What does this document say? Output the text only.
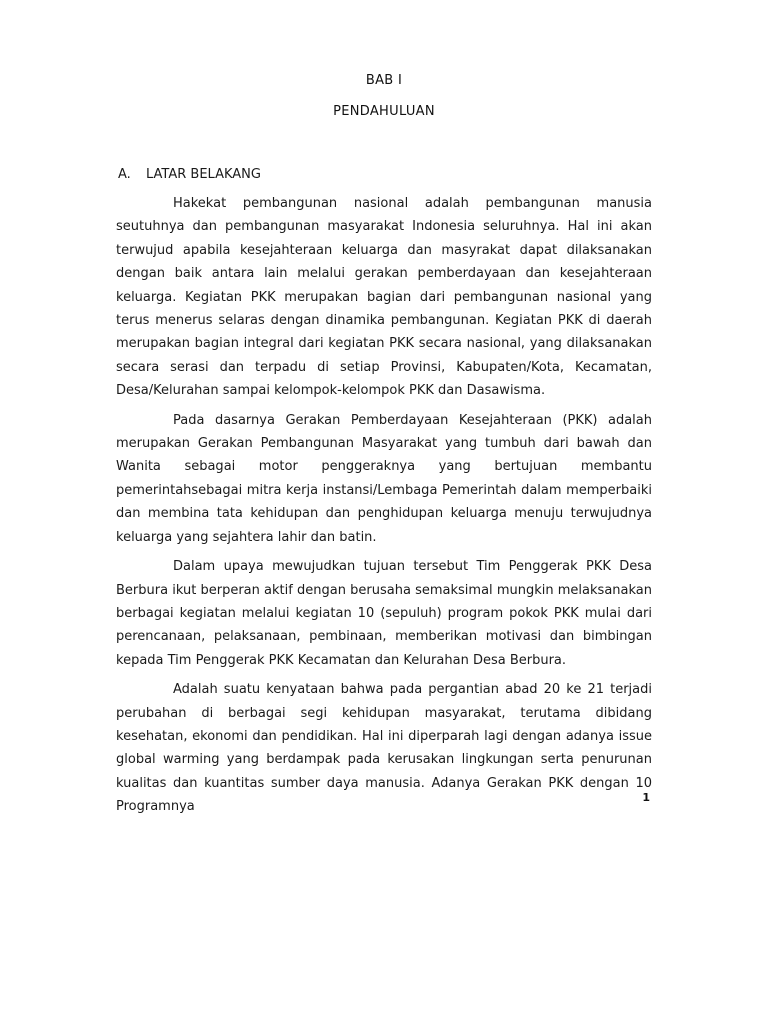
BAB I
PENDAHULUAN
A. LATAR BELAKANG

Hakekat pembangunan nasional adalah pembangunan manusia seutuhnya dan pembangunan masyarakat Indonesia seluruhnya. Hal ini akan terwujud apabila kesejahteraan keluarga dan masyrakat dapat dilaksanakan dengan baik antara lain melalui gerakan pemberdayaan dan kesejahteraan keluarga. Kegiatan PKK merupakan bagian dari pembangunan nasional yang terus menerus selaras dengan dinamika pembangunan. Kegiatan PKK di daerah merupakan bagian integral dari kegiatan PKK secara nasional, yang dilaksanakan secara serasi dan terpadu di setiap Provinsi, Kabupaten/Kota, Kecamatan, Desa/Kelurahan sampai kelompok-kelompok PKK dan Dasawisma.

Pada dasarnya Gerakan Pemberdayaan Kesejahteraan (PKK) adalah merupakan Gerakan Pembangunan Masyarakat yang tumbuh dari bawah dan Wanita sebagai motor penggeraknya yang bertujuan membantu pemerintahsebagai mitra kerja instansi/Lembaga Pemerintah dalam memperbaiki dan membina tata kehidupan dan penghidupan keluarga menuju terwujudnya keluarga yang sejahtera lahir dan batin.

Dalam upaya mewujudkan tujuan tersebut Tim Penggerak PKK Desa Berbura ikut berperan aktif dengan berusaha semaksimal mungkin melaksanakan berbagai kegiatan melalui kegiatan 10 (sepuluh) program pokok PKK mulai dari perencanaan, pelaksanaan, pembinaan, memberikan motivasi dan bimbingan kepada Tim Penggerak PKK Kecamatan dan Kelurahan Desa Berbura.

Adalah suatu kenyataan bahwa pada pergantian abad 20 ke 21 terjadi perubahan di berbagai segi kehidupan masyarakat, terutama dibidang kesehatan, ekonomi dan pendidikan. Hal ini diperparah lagi dengan adanya issue global warming yang berdampak pada kerusakan lingkungan serta penurunan kualitas dan kuantitas sumber daya manusia. Adanya Gerakan PKK dengan 10 Programnya

1
